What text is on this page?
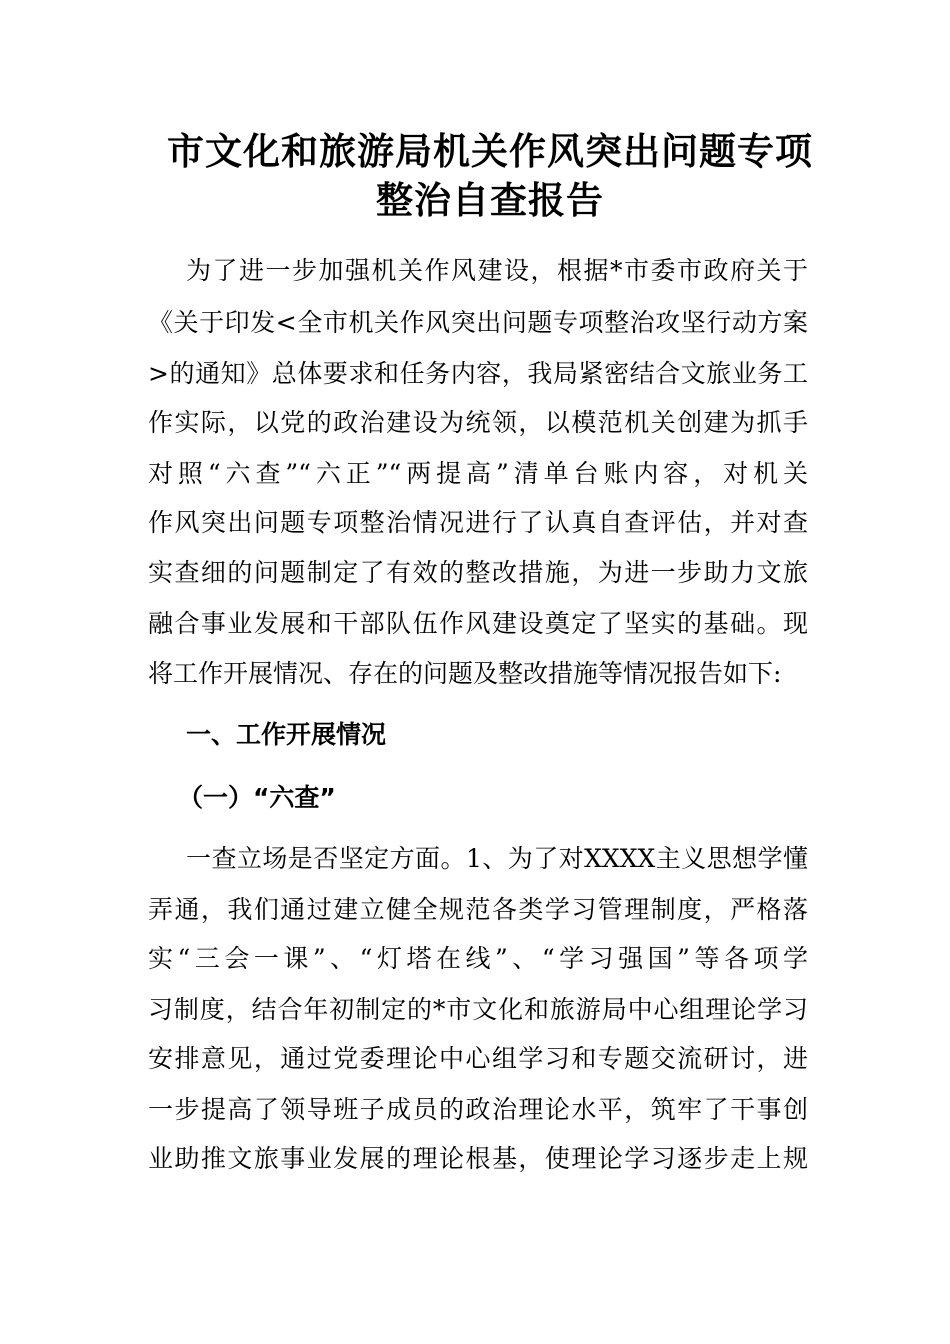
市文化和旅游局机关作风突出问题专项
整治自查报告
为了进一步加强机关作风建设，根据*市委市政府关于
《关于印发<全市机关作风突出问题专项整治攻坚行动方案
>的通知》总体要求和任务内容，我局紧密结合文旅业务工
作实际，以党的政治建设为统领，以模范机关创建为抓手
对照“六查”“六正”“两提高”清单台账内容，对机关
作风突出问题专项整治情况进行了认真自查评估，并对查
实查细的问题制定了有效的整改措施，为进一步助力文旅
融合事业发展和干部队伍作风建设奠定了坚实的基础。现
将工作开展情况、存在的问题及整改措施等情况报告如下:
一、工作开展情况
（一）“六查”
一查立场是否坚定方面。1、为了对XXXX主义思想学懂
弄通，我们通过建立健全规范各类学习管理制度，严格落
实“三会一课”、“灯塔在线”、“学习强国”等各项学
习制度，结合年初制定的*市文化和旅游局中心组理论学习
安排意见，通过党委理论中心组学习和专题交流研讨，进
一步提高了领导班子成员的政治理论水平，筑牢了干事创
业助推文旅事业发展的理论根基，使理论学习逐步走上规
